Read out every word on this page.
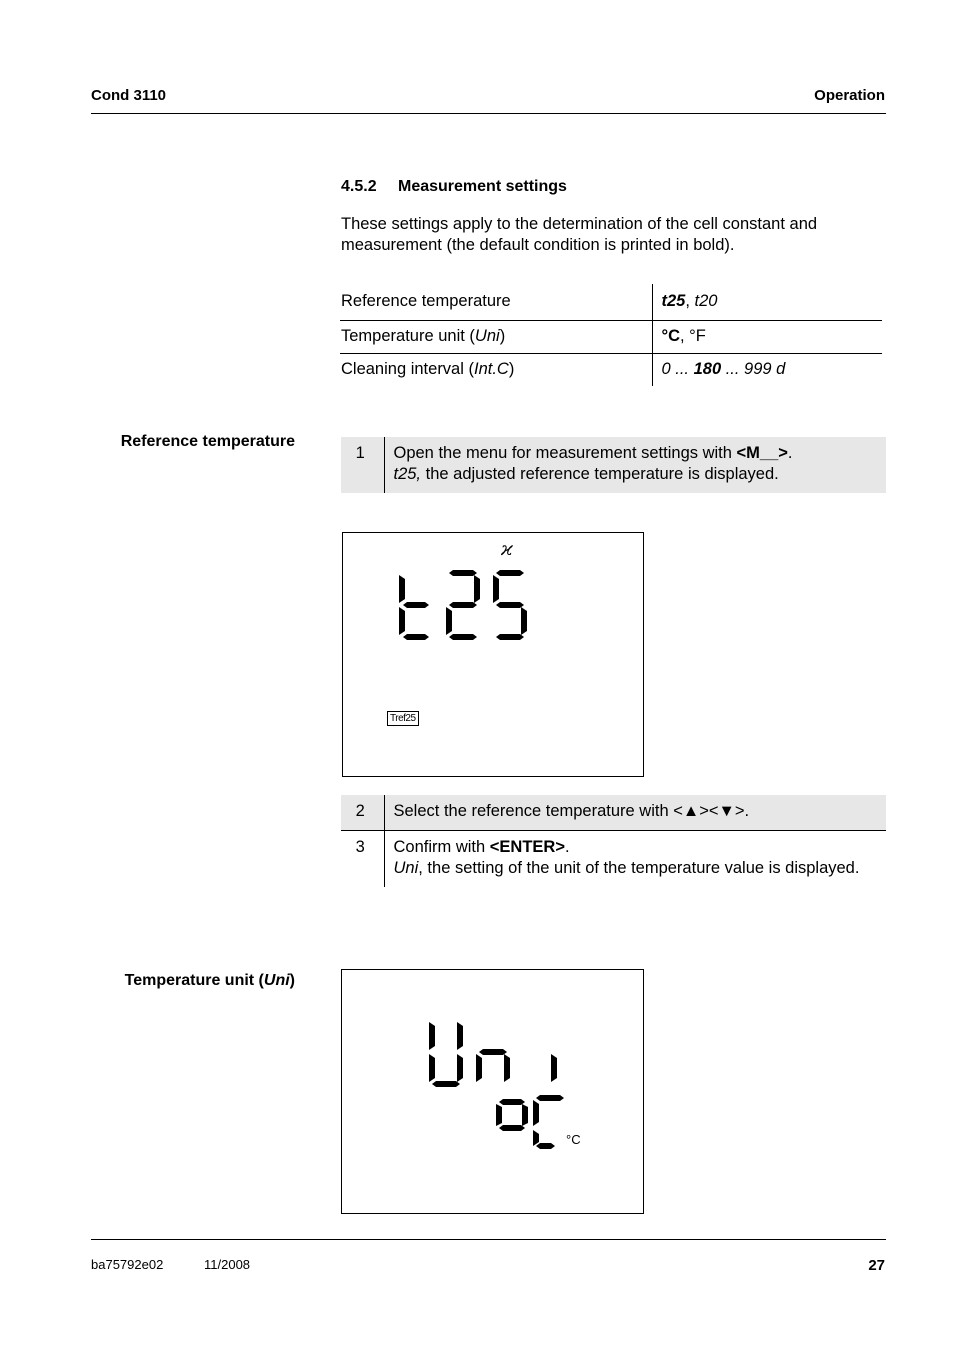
Cond 3110	Operation
4.5.2 Measurement settings
These settings apply to the determination of the cell constant and measurement (the default condition is printed in bold).
Reference temperature	t25, t20
Temperature unit (Uni)	°C, °F
Cleaning interval (Int.C)	0 ... 180 ... 999 d
Reference temperature
1	Open the menu for measurement settings with <M__>.
t25, the adjusted reference temperature is displayed.
𝜘
Tref25
2	Select the reference temperature with <▲><▼>.
3	Confirm with <ENTER>.
Uni, the setting of the unit of the temperature value is displayed.
Temperature unit (Uni)
°C
ba75792e02	11/2008	27
